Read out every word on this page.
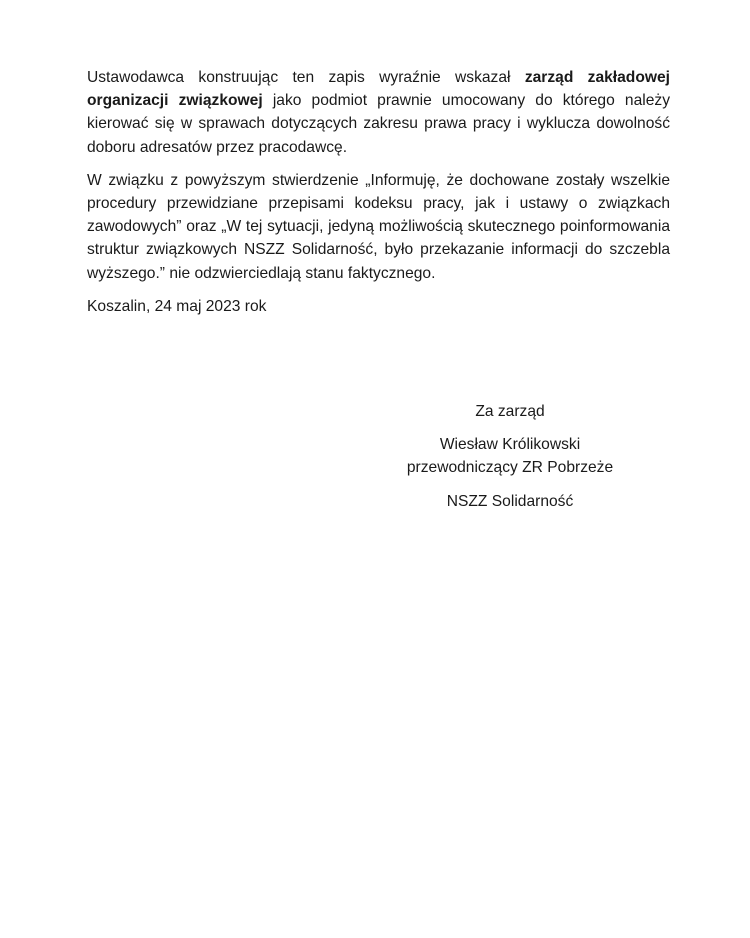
Ustawodawca konstruując ten zapis wyraźnie wskazał zarząd zakładowej organizacji związkowej jako podmiot prawnie umocowany do którego należy kierować się w sprawach dotyczących zakresu prawa pracy i wyklucza dowolność doboru adresatów przez pracodawcę.

W związku z powyższym stwierdzenie „Informuję, że dochowane zostały wszelkie procedury przewidziane przepisami kodeksu pracy, jak i ustawy o związkach zawodowych” oraz „W tej sytuacji, jedyną możliwością skutecznego poinformowania struktur związkowych NSZZ Solidarność, było przekazanie informacji do szczebla wyższego.” nie odzwierciedlają stanu faktycznego.

Koszalin, 24 maj 2023 rok

Za zarząd

Wiesław Królikowski

przewodniczący ZR Pobrzeże

NSZZ Solidarność
